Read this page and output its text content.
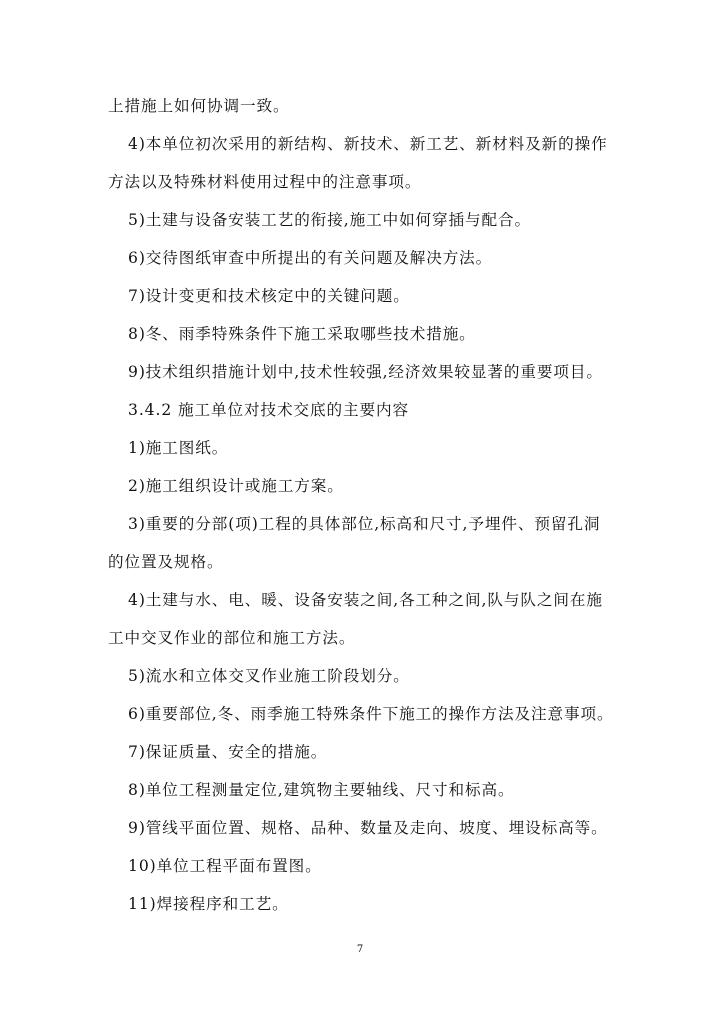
上措施上如何协调一致。
4)本单位初次采用的新结构、新技术、新工艺、新材料及新的操作
方法以及特殊材料使用过程中的注意事项。
5)土建与设备安装工艺的衔接,施工中如何穿插与配合。
6)交待图纸审查中所提出的有关问题及解决方法。
7)设计变更和技术核定中的关键问题。
8)冬、雨季特殊条件下施工采取哪些技术措施。
9)技术组织措施计划中,技术性较强,经济效果较显著的重要项目。
3.4.2 施工单位对技术交底的主要内容
1)施工图纸。
2)施工组织设计或施工方案。
3)重要的分部(项)工程的具体部位,标高和尺寸,予埋件、预留孔洞
的位置及规格。
4)土建与水、电、暖、设备安装之间,各工种之间,队与队之间在施
工中交叉作业的部位和施工方法。
5)流水和立体交叉作业施工阶段划分。
6)重要部位,冬、雨季施工特殊条件下施工的操作方法及注意事项。
7)保证质量、安全的措施。
8)单位工程测量定位,建筑物主要轴线、尺寸和标高。
9)管线平面位置、规格、品种、数量及走向、坡度、埋设标高等。
10)单位工程平面布置图。
11)焊接程序和工艺。
7
